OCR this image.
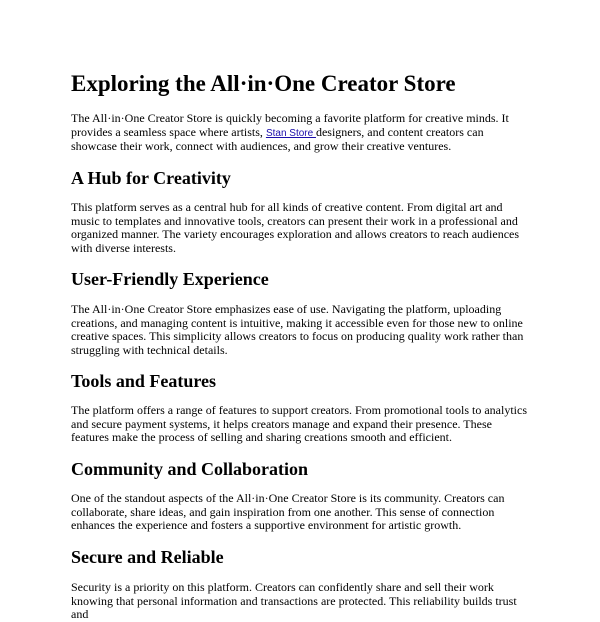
Exploring the All·in·One Creator Store

The All·in·One Creator Store is quickly becoming a favorite platform for creative minds. It provides a seamless space where artists, Stan Store designers, and content creators can showcase their work, connect with audiences, and grow their creative ventures.

A Hub for Creativity

This platform serves as a central hub for all kinds of creative content. From digital art and music to templates and innovative tools, creators can present their work in a professional and organized manner. The variety encourages exploration and allows creators to reach audiences with diverse interests.

User-Friendly Experience

The All·in·One Creator Store emphasizes ease of use. Navigating the platform, uploading creations, and managing content is intuitive, making it accessible even for those new to online creative spaces. This simplicity allows creators to focus on producing quality work rather than struggling with technical details.

Tools and Features

The platform offers a range of features to support creators. From promotional tools to analytics and secure payment systems, it helps creators manage and expand their presence. These features make the process of selling and sharing creations smooth and efficient.

Community and Collaboration

One of the standout aspects of the All·in·One Creator Store is its community. Creators can collaborate, share ideas, and gain inspiration from one another. This sense of connection enhances the experience and fosters a supportive environment for artistic growth.

Secure and Reliable

Security is a priority on this platform. Creators can confidently share and sell their work knowing that personal information and transactions are protected. This reliability builds trust and
